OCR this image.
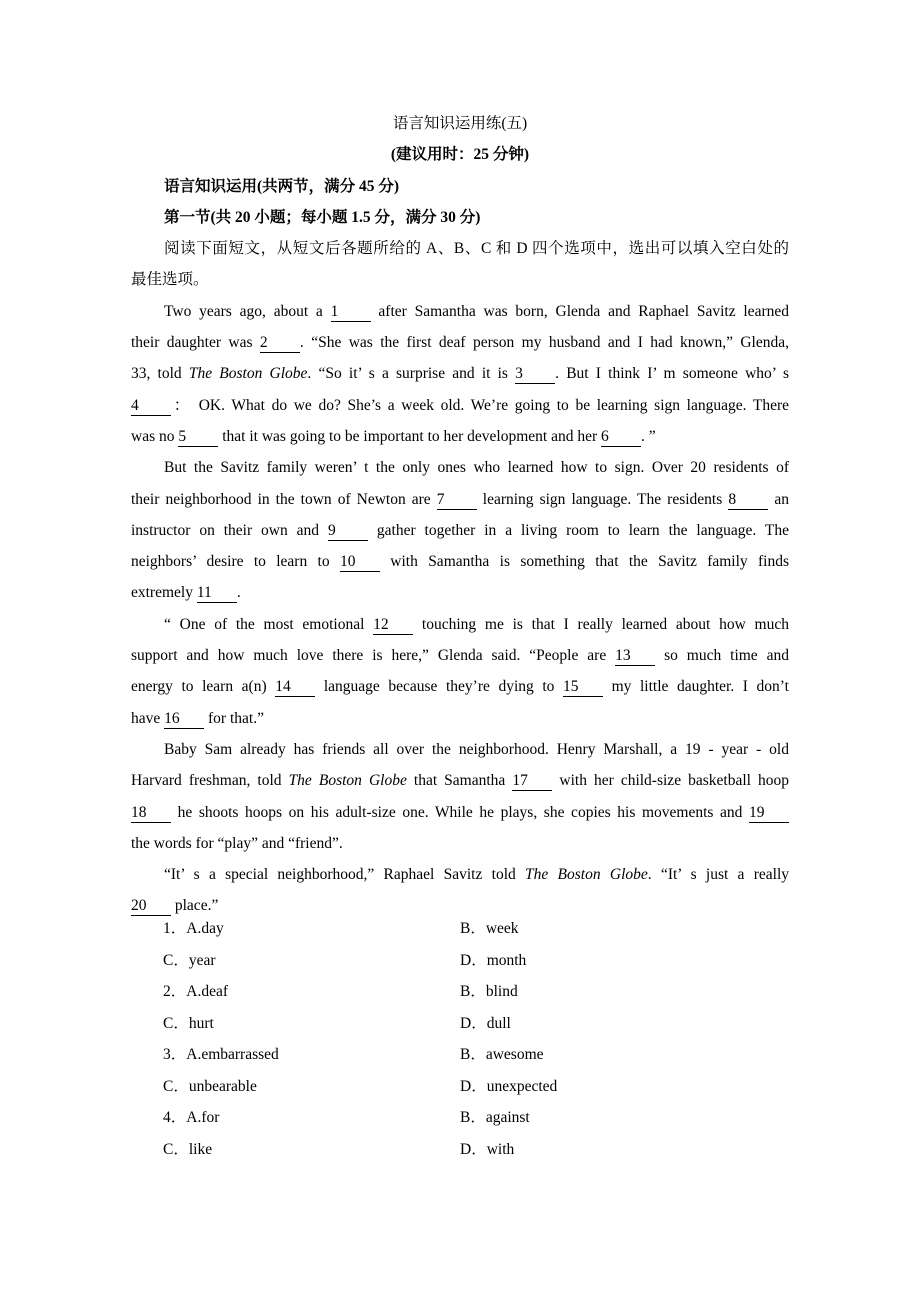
语言知识运用练(五)
(建议用时：25 分钟)
语言知识运用(共两节，满分 45 分)
第一节(共 20 小题；每小题 1.5 分，满分 30 分)
阅读下面短文，从短文后各题所给的 A、B、C 和 D 四个选项中，选出可以填入空白处的
最佳选项。
Two years ago, about a 1 after Samantha was born, Glenda and Raphael Savitz learned
their daughter was 2 . “She was the first deaf person my husband and I had known,” Glenda,
33, told The Boston Globe. “So it’ s a surprise and it is 3 . But I think I’ m someone who’ s
4 ： OK. What do we do? She’s a week old. We’re going to be learning sign language. There
was no 5 that it was going to be important to her development and her 6 . ”
But the Savitz family weren’ t the only ones who learned how to sign. Over 20 residents of
their neighborhood in the town of Newton are 7 learning sign language. The residents 8 an
instructor on their own and 9 gather together in a living room to learn the language. The
neighbors’ desire to learn to 10 with Samantha is something that the Savitz family finds
extremely 11 .
“ One of the most emotional 12 touching me is that I really learned about how much
support and how much love there is here,” Glenda said. “People are 13 so much time and
energy to learn a(n) 14 language because they’re dying to 15 my little daughter. I don’t
have 16 for that.”
Baby Sam already has friends all over the neighborhood. Henry Marshall, a 19 - year - old
Harvard freshman, told The Boston Globe that Samantha 17 with her child-size basketball hoop
18 he shoots hoops on his adult-size one. While he plays, she copies his movements and 19
the words for “play” and “friend”.
“It’ s a special neighborhood,” Raphael Savitz told The Boston Globe. “It’ s just a really
20 place.”
1．A.day	B．week
C．year	D．month
2．A.deaf	B．blind
C．hurt	D．dull
3．A.embarrassed	B．awesome
C．unbearable	D．unexpected
4．A.for	B．against
C．like	D．with
